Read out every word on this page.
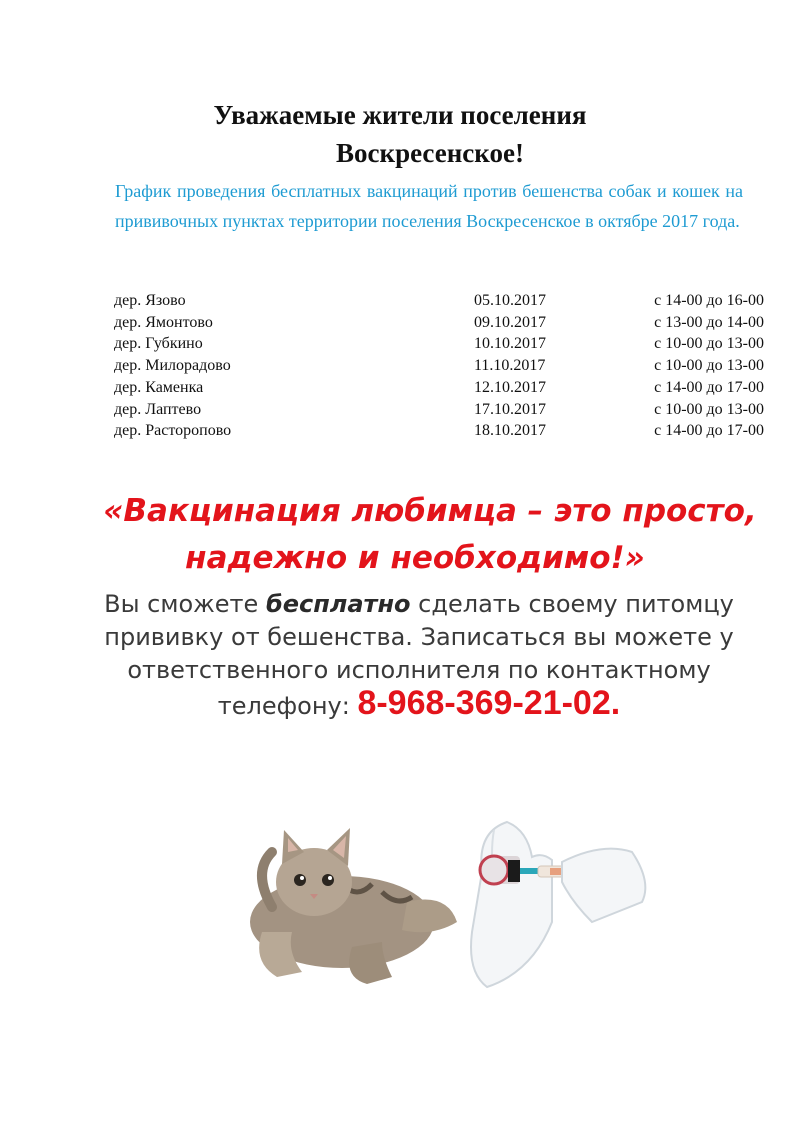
Уважаемые жители поселения
Воскресенское!

График проведения бесплатных вакцинаций против бешенства собак и кошек на прививочных пунктах территории поселения Воскресенское в октябре 2017 года.

дер. Язово	05.10.2017	с 14-00 до 16-00
дер. Ямонтово	09.10.2017	с 13-00 до 14-00
дер. Губкино	10.10.2017	с 10-00 до 13-00
дер. Милорадово	11.10.2017	с 10-00 до 13-00
дер. Каменка	12.10.2017	с 14-00 до 17-00
дер. Лаптево	17.10.2017	с 10-00 до 13-00
дер. Расторопово	18.10.2017	с 14-00 до 17-00
«Вакцинация любимца – это просто,
надежно и необходимо!»
Вы сможете бесплатно сделать своему питомцу
прививку от бешенства. Записаться вы можете у
ответственного исполнителя по контактному
телефону: 8-968-369-21-02.
